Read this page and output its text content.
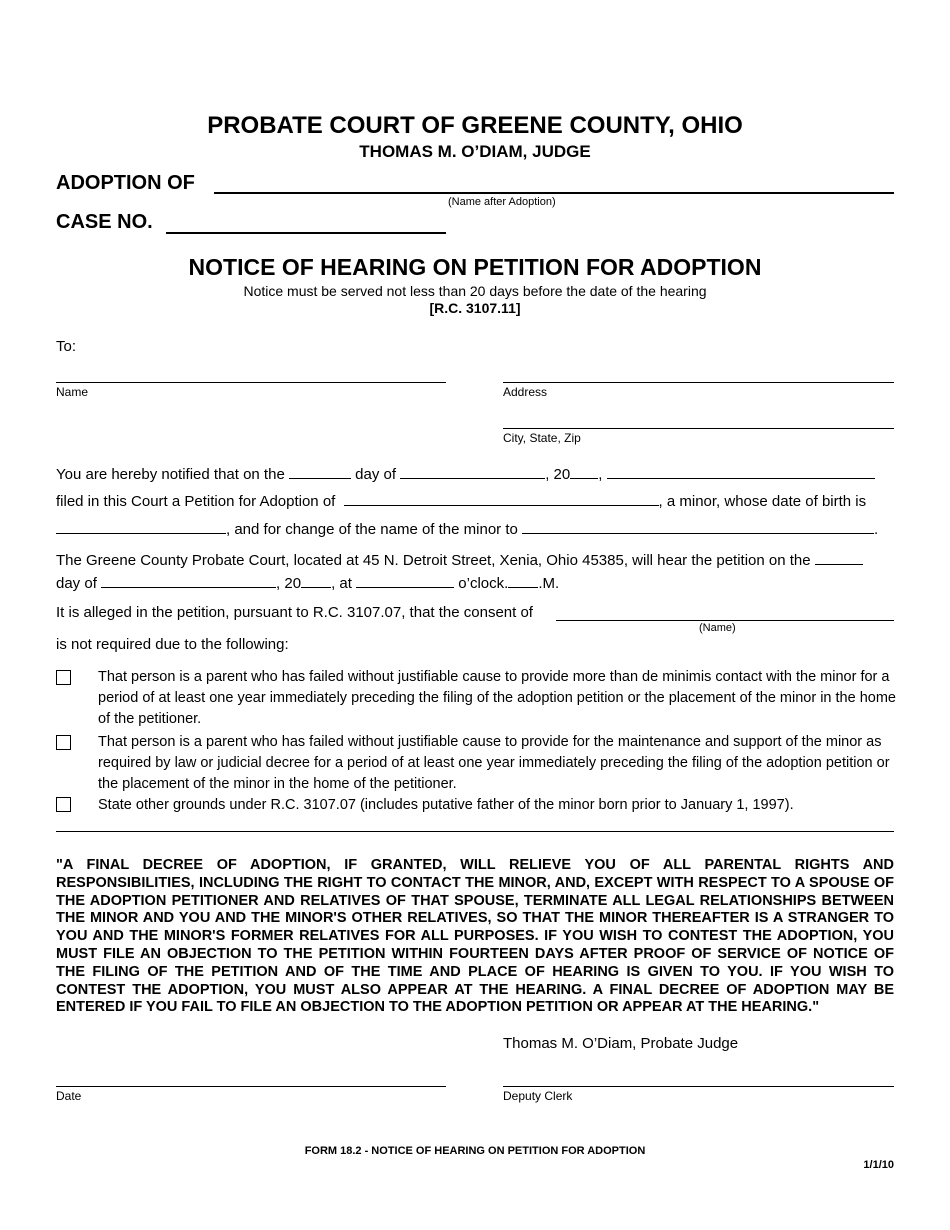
PROBATE COURT OF GREENE COUNTY, OHIO
THOMAS M. O’DIAM, JUDGE
ADOPTION OF
(Name after Adoption)
CASE NO.
NOTICE OF HEARING ON PETITION FOR ADOPTION
Notice must be served not less than 20 days before the date of the hearing
[R.C. 3107.11]
To:
Name	Address
City, State, Zip
You are hereby notified that on the	day of	, 20 ,
filed in this Court a Petition for Adoption of	, a minor, whose date of birth is
, and for change of the name of the minor to	.
The Greene County Probate Court, located at 45 N. Detroit Street, Xenia, Ohio 45385, will hear the petition on the
day of	, 20 , at	o’clock. .M.
It is alleged in the petition, pursuant to R.C. 3107.07, that the consent of
(Name)
is not required due to the following:
That person is a parent who has failed without justifiable cause to provide more than de minimis contact with the minor for a period of at least one year immediately preceding the filing of the adoption petition or the placement of the minor in the home of the petitioner.
That person is a parent who has failed without justifiable cause to provide for the maintenance and support of the minor as required by law or judicial decree for a period of at least one year immediately preceding the filing of the adoption petition or the placement of the minor in the home of the petitioner.
State other grounds under R.C. 3107.07 (includes putative father of the minor born prior to January 1, 1997).
"A FINAL DECREE OF ADOPTION, IF GRANTED, WILL RELIEVE YOU OF ALL PARENTAL RIGHTS AND RESPONSIBILITIES, INCLUDING THE RIGHT TO CONTACT THE MINOR, AND, EXCEPT WITH RESPECT TO A SPOUSE OF THE ADOPTION PETITIONER AND RELATIVES OF THAT SPOUSE, TERMINATE ALL LEGAL RELATIONSHIPS BETWEEN THE MINOR AND YOU AND THE MINOR'S OTHER RELATIVES, SO THAT THE MINOR THEREAFTER IS A STRANGER TO YOU AND THE MINOR'S FORMER RELATIVES FOR ALL PURPOSES. IF YOU WISH TO CONTEST THE ADOPTION, YOU MUST FILE AN OBJECTION TO THE PETITION WITHIN FOURTEEN DAYS AFTER PROOF OF SERVICE OF NOTICE OF THE FILING OF THE PETITION AND OF THE TIME AND PLACE OF HEARING IS GIVEN TO YOU. IF YOU WISH TO CONTEST THE ADOPTION, YOU MUST ALSO APPEAR AT THE HEARING. A FINAL DECREE OF ADOPTION MAY BE ENTERED IF YOU FAIL TO FILE AN OBJECTION TO THE ADOPTION PETITION OR APPEAR AT THE HEARING."
Thomas M. O’Diam, Probate Judge
Date	Deputy Clerk
FORM 18.2 - NOTICE OF HEARING ON PETITION FOR ADOPTION
1/1/10
